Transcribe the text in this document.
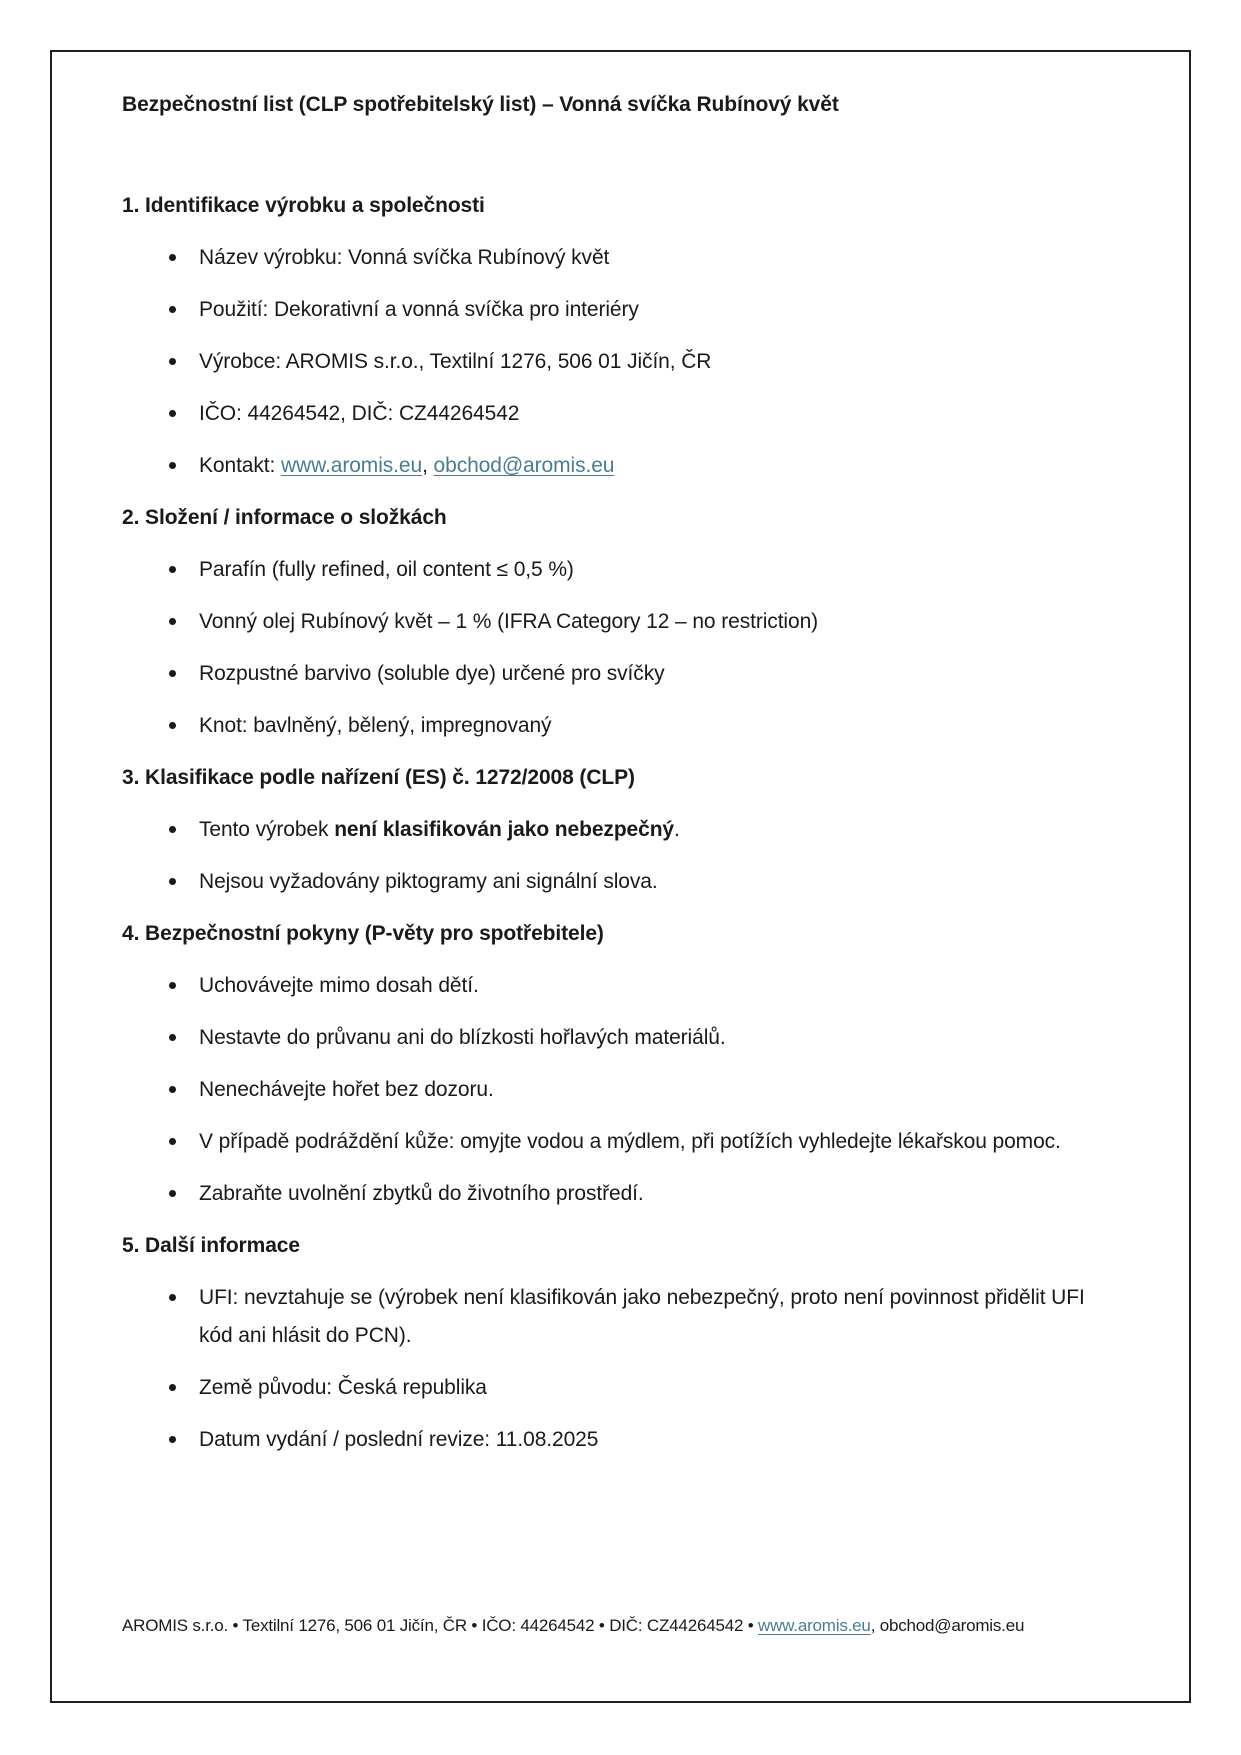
Bezpečnostní list (CLP spotřebitelský list) – Vonná svíčka Rubínový květ
1. Identifikace výrobku a společnosti
Název výrobku: Vonná svíčka Rubínový květ
Použití: Dekorativní a vonná svíčka pro interiéry
Výrobce: AROMIS s.r.o., Textilní 1276, 506 01 Jičín, ČR
IČO: 44264542, DIČ: CZ44264542
Kontakt: www.aromis.eu, obchod@aromis.eu
2. Složení / informace o složkách
Parafín (fully refined, oil content ≤ 0,5 %)
Vonný olej Rubínový květ – 1 % (IFRA Category 12 – no restriction)
Rozpustné barvivo (soluble dye) určené pro svíčky
Knot: bavlněný, bělený, impregnovaný
3. Klasifikace podle nařízení (ES) č. 1272/2008 (CLP)
Tento výrobek není klasifikován jako nebezpečný.
Nejsou vyžadovány piktogramy ani signální slova.
4. Bezpečnostní pokyny (P-věty pro spotřebitele)
Uchovávejte mimo dosah dětí.
Nestavte do průvanu ani do blízkosti hořlavých materiálů.
Nenechávejte hořet bez dozoru.
V případě podráždění kůže: omyjte vodou a mýdlem, při potížích vyhledejte lékařskou pomoc.
Zabraňte uvolnění zbytků do životního prostředí.
5. Další informace
UFI: nevztahuje se (výrobek není klasifikován jako nebezpečný, proto není povinnost přidělit UFI kód ani hlásit do PCN).
Země původu: Česká republika
Datum vydání / poslední revize: 11.08.2025
AROMIS s.r.o. • Textilní 1276, 506 01 Jičín, ČR • IČO: 44264542 • DIČ: CZ44264542 • www.aromis.eu, obchod@aromis.eu
